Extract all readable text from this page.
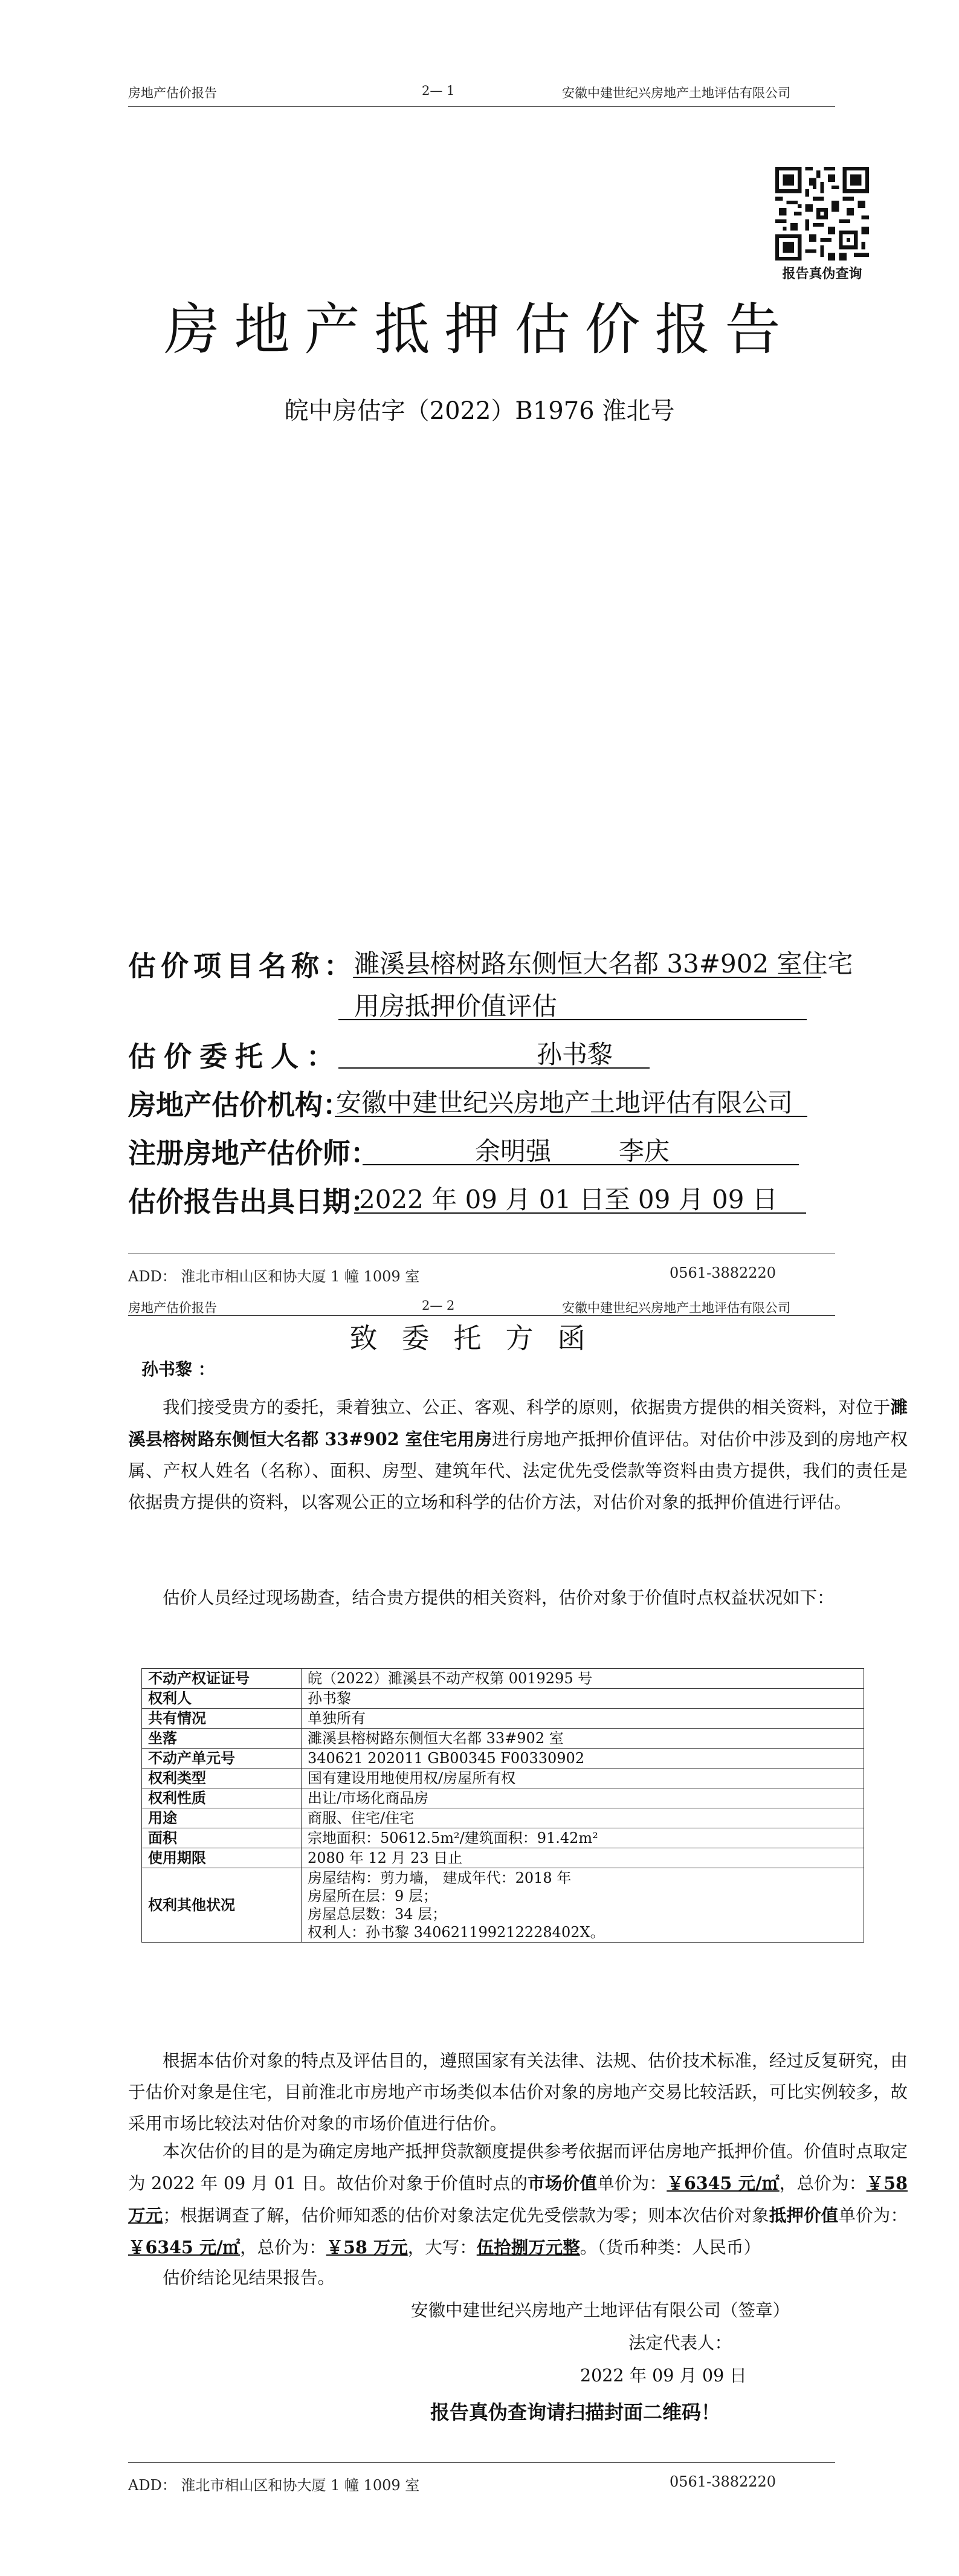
房地产估价报告	2— 1	安徽中建世纪兴房地产土地评估有限公司
报告真伪查询
房地产抵押估价报告
皖中房估字（2022）B1976 淮北号
估价项目名称：
濉溪县榕树路东侧恒大名都 33#902 室住宅
用房抵押价值评估
估价委托人：	孙书黎
房地产估价机构：
安徽中建世纪兴房地产土地评估有限公司
注册房地产估价师：	余明强	李庆
估价报告出具日期：
2022 年 09 月 01 日至 09 月 09 日
ADD： 淮北市相山区和协大厦 1 幢 1009 室	0561-3882220
房地产估价报告	2— 2	安徽中建世纪兴房地产土地评估有限公司
致委托方函
孙书黎 ：

我们接受贵方的委托，秉着独立、公正、客观、科学的原则，依据贵方提供的相关资料，对位于濉溪县榕树路东侧恒大名都 33#902 室住宅用房进行房地产抵押价值评估。对估价中涉及到的房地产权属、产权人姓名（名称）、面积、房型、建筑年代、法定优先受偿款等资料由贵方提供，我们的责任是依据贵方提供的资料，以客观公正的立场和科学的估价方法，对估价对象的抵押价值进行评估。

估价人员经过现场勘查，结合贵方提供的相关资料，估价对象于价值时点权益状况如下：

不动产权证证号	皖（2022）濉溪县不动产权第 0019295 号

权利人	孙书黎

共有情况	单独所有

坐落	濉溪县榕树路东侧恒大名都 33#902 室

不动产单元号	340621 202011 GB00345 F00330902

权利类型	国有建设用地使用权/房屋所有权

权利性质	出让/市场化商品房

用途	商服、住宅/住宅

面积	宗地面积：50612.5m²/建筑面积：91.42m²

使用期限	2080 年 12 月 23 日止

权利其他状况	房屋结构：剪力墙， 建成年代：2018 年
房屋所在层：9 层；
房屋总层数：34 层；
权利人：孙书黎 340621199212228402X。

根据本估价对象的特点及评估目的，遵照国家有关法律、法规、估价技术标准，经过反复研究，由于估价对象是住宅，目前淮北市房地产市场类似本估价对象的房地产交易比较活跃，可比实例较多，故采用市场比较法对估价对象的市场价值进行估价。

本次估价的目的是为确定房地产抵押贷款额度提供参考依据而评估房地产抵押价值。价值时点取定为 2022 年 09 月 01 日。故估价对象于价值时点的市场价值单价为：￥6345 元/㎡，总价为：￥58 万元；根据调查了解，估价师知悉的估价对象法定优先受偿款为零；则本次估价对象抵押价值单价为：￥6345 元/㎡，总价为：￥58 万元，大写：伍拾捌万元整。（货币种类：人民币）

估价结论见结果报告。

安徽中建世纪兴房地产土地评估有限公司（签章）
法定代表人：
2022 年 09 月 09 日
报告真伪查询请扫描封面二维码！
ADD： 淮北市相山区和协大厦 1 幢 1009 室	0561-3882220
